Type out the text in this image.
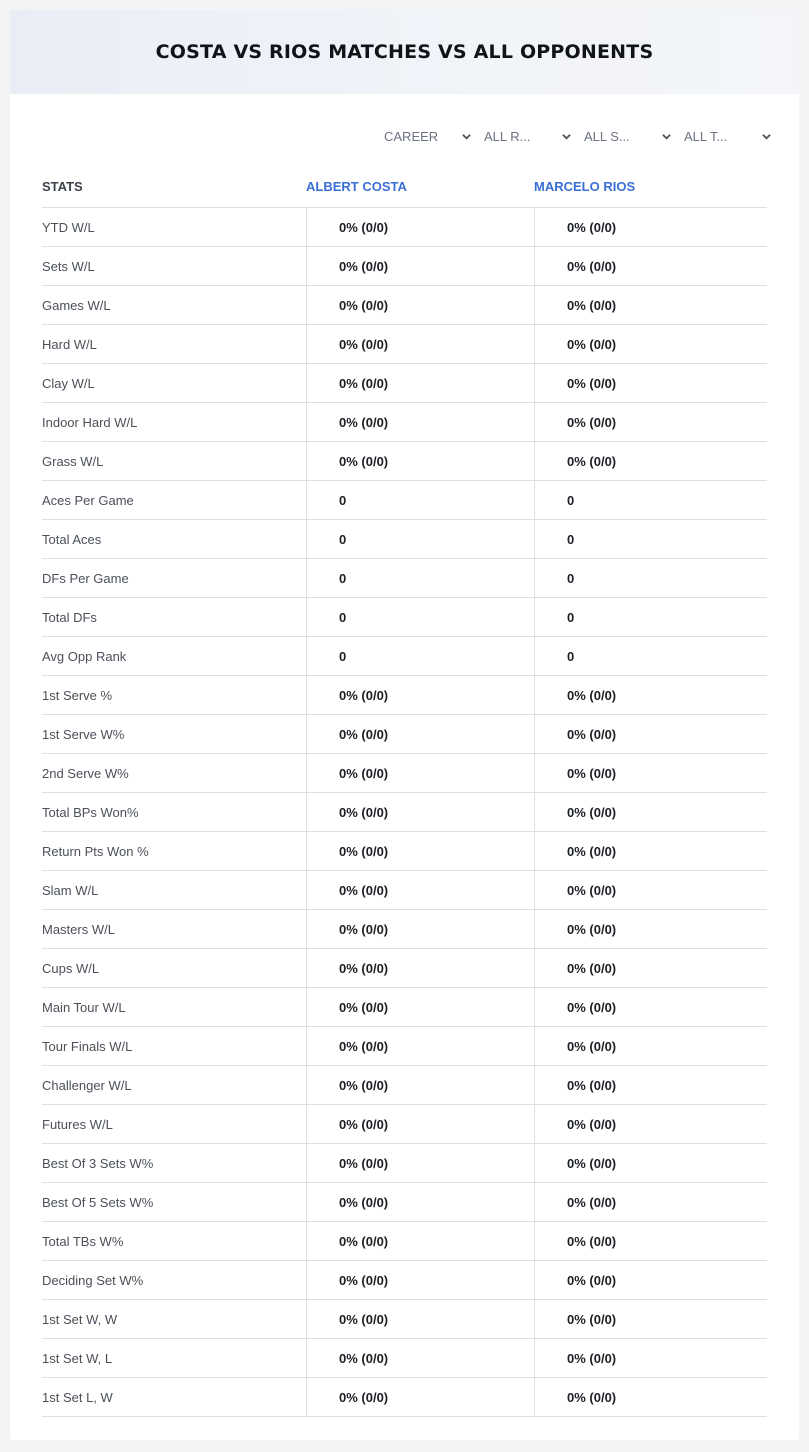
COSTA VS RIOS MATCHES VS ALL OPPONENTS
CAREER	ALL R...	ALL S...	ALL T...
STATS	ALBERT COSTA	MARCELO RIOS
YTD W/L	0% (0/0)	0% (0/0)
Sets W/L	0% (0/0)	0% (0/0)
Games W/L	0% (0/0)	0% (0/0)
Hard W/L	0% (0/0)	0% (0/0)
Clay W/L	0% (0/0)	0% (0/0)
Indoor Hard W/L	0% (0/0)	0% (0/0)
Grass W/L	0% (0/0)	0% (0/0)
Aces Per Game	0	0
Total Aces	0	0
DFs Per Game	0	0
Total DFs	0	0
Avg Opp Rank	0	0
1st Serve %	0% (0/0)	0% (0/0)
1st Serve W%	0% (0/0)	0% (0/0)
2nd Serve W%	0% (0/0)	0% (0/0)
Total BPs Won%	0% (0/0)	0% (0/0)
Return Pts Won %	0% (0/0)	0% (0/0)
Slam W/L	0% (0/0)	0% (0/0)
Masters W/L	0% (0/0)	0% (0/0)
Cups W/L	0% (0/0)	0% (0/0)
Main Tour W/L	0% (0/0)	0% (0/0)
Tour Finals W/L	0% (0/0)	0% (0/0)
Challenger W/L	0% (0/0)	0% (0/0)
Futures W/L	0% (0/0)	0% (0/0)
Best Of 3 Sets W%	0% (0/0)	0% (0/0)
Best Of 5 Sets W%	0% (0/0)	0% (0/0)
Total TBs W%	0% (0/0)	0% (0/0)
Deciding Set W%	0% (0/0)	0% (0/0)
1st Set W, W	0% (0/0)	0% (0/0)
1st Set W, L	0% (0/0)	0% (0/0)
1st Set L, W	0% (0/0)	0% (0/0)
